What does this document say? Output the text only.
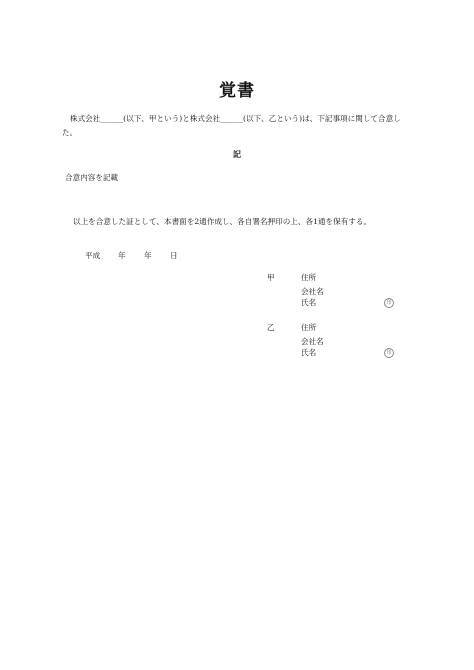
覚書
株式会社______(以下、甲という)と株式会社______(以下、乙という)は、下記事項に関して合意した。
記
合意内容を記載
以上を合意した証として、本書面を2通作成し、各自署名押印の上、各1通を保有する。
平成 年 年 日
甲	住所
会社名
氏名	印
乙	住所
会社名
氏名	印
